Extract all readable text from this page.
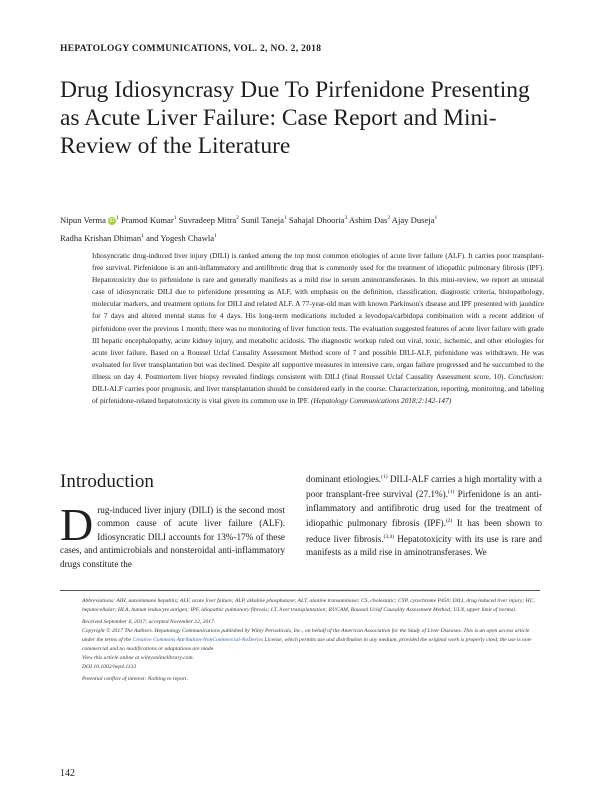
HEPATOLOGY COMMUNICATIONS, VOL. 2, NO. 2, 2018
Drug Idiosyncrasy Due To Pirfenidone Presenting as Acute Liver Failure: Case Report and Mini-Review of the Literature
Nipun Verma $iD^1$ Pramod Kumar$^1$ Suvradeep Mitra$^2$ Sunil Taneja$^1$ Sahajal Dhooria$^3$ Ashim Das$^2$ Ajay Duseja$^1$
Radha Krishan Dhiman$^1$ and Yogesh Chawla$^1$
Idiosyncratic drug-induced liver injury (DILI) is ranked among the top most common etiologies of acute liver failure (ALF). It carries poor transplant-free survival. Pirfenidone is an anti-inflammatory and antifibrotic drug that is commonly used for the treatment of idiopathic pulmonary fibrosis (IPF). Hepatotoxicity due to pirfenidone is rare and generally manifests as a mild rise in serum aminotransferases. In this mini-review, we report an unusual case of idiosyncratic DILI due to pirfenidone presenting as ALF, with emphasis on the definition, classification, diagnostic criteria, histopathology, molecular markers, and treatment options for DILI and related ALF. A 77-year-old man with known Parkinson's disease and IPF presented with jaundice for 7 days and altered mental status for 4 days. His long-term medications included a levodopa/carbidopa combination with a recent addition of pirfenidone over the previous 1 month; there was no monitoring of liver function tests. The evaluation suggested features of acute liver failure with grade III hepatic encephalopathy, acute kidney injury, and metabolic acidosis. The diagnostic workup ruled out viral, toxic, ischemic, and other etiologies for acute liver failure. Based on a Roussel Uclaf Causality Assessment Method score of 7 and possible DILI-ALF, pirfenidone was withdrawn. He was evaluated for liver transplantation but was declined. Despite all supportive measures in intensive care, organ failure progressed and he succumbed to the illness on day 4. Postmortem liver biopsy revealed findings consistent with DILI (final Roussel Uclaf Causality Assessment score, 10). Conclusion: DILI-ALF carries poor prognosis, and liver transplantation should be considered early in the course. Characterization, reporting, monitoring, and labeling of pirfenidone-related hepatotoxicity is vital given its common use in IPF. (Hepatology Communications 2018;2:142-147)
Introduction
Drug-induced liver injury (DILI) is the second most common cause of acute liver failure (ALF). Idiosyncratic DILI accounts for 13%-17% of these cases, and antimicrobials and nonsteroidal anti-inflammatory drugs constitute the
dominant etiologies.$^{(1)}$ DILI-ALF carries a high mortality with a poor transplant-free survival (27.1%).$^{(1)}$ Pirfenidone is an anti-inflammatory and antifibrotic drug used for the treatment of idiopathic pulmonary fibrosis (IPF).$^{(2)}$ It has been shown to reduce liver fibrosis.$^{(3,4)}$ Hepatotoxicity with its use is rare and manifests as a mild rise in aminotransferases. We

Abbreviations: AIH, autoimmune hepatitis; ALF, acute liver failure; ALP, alkaline phosphatase; ALT, alanine transaminase; CS, cholestatic; CYP, cytochrome P450; DILI, drug induced liver injury; HC, hepatocellular; HLA, human leukocyte antigen; IPF, idiopathic pulmonary fibrosis; LT, liver transplantation; RUCAM, Roussel Uclaf Causality Assessment Method; ULN, upper limit of normal.

Received September 6, 2017; accepted November 22, 2017.

Copyright © 2017 The Authors. Hepatology Communications published by Wiley Periodicals, Inc., on behalf of the American Association for the Study of Liver Diseases. This is an open access article under the terms of the Creative Commons Attribution-NonCommercial-NoDerivs License, which permits use and distribution in any medium, provided the original work is properly cited, the use is non-commercial and no modifications or adaptations are made.

View this article online at wileyonlinelibrary.com.

DOI 10.1002/hep4.1133

Potential conflict of interest: Nothing to report.

142
